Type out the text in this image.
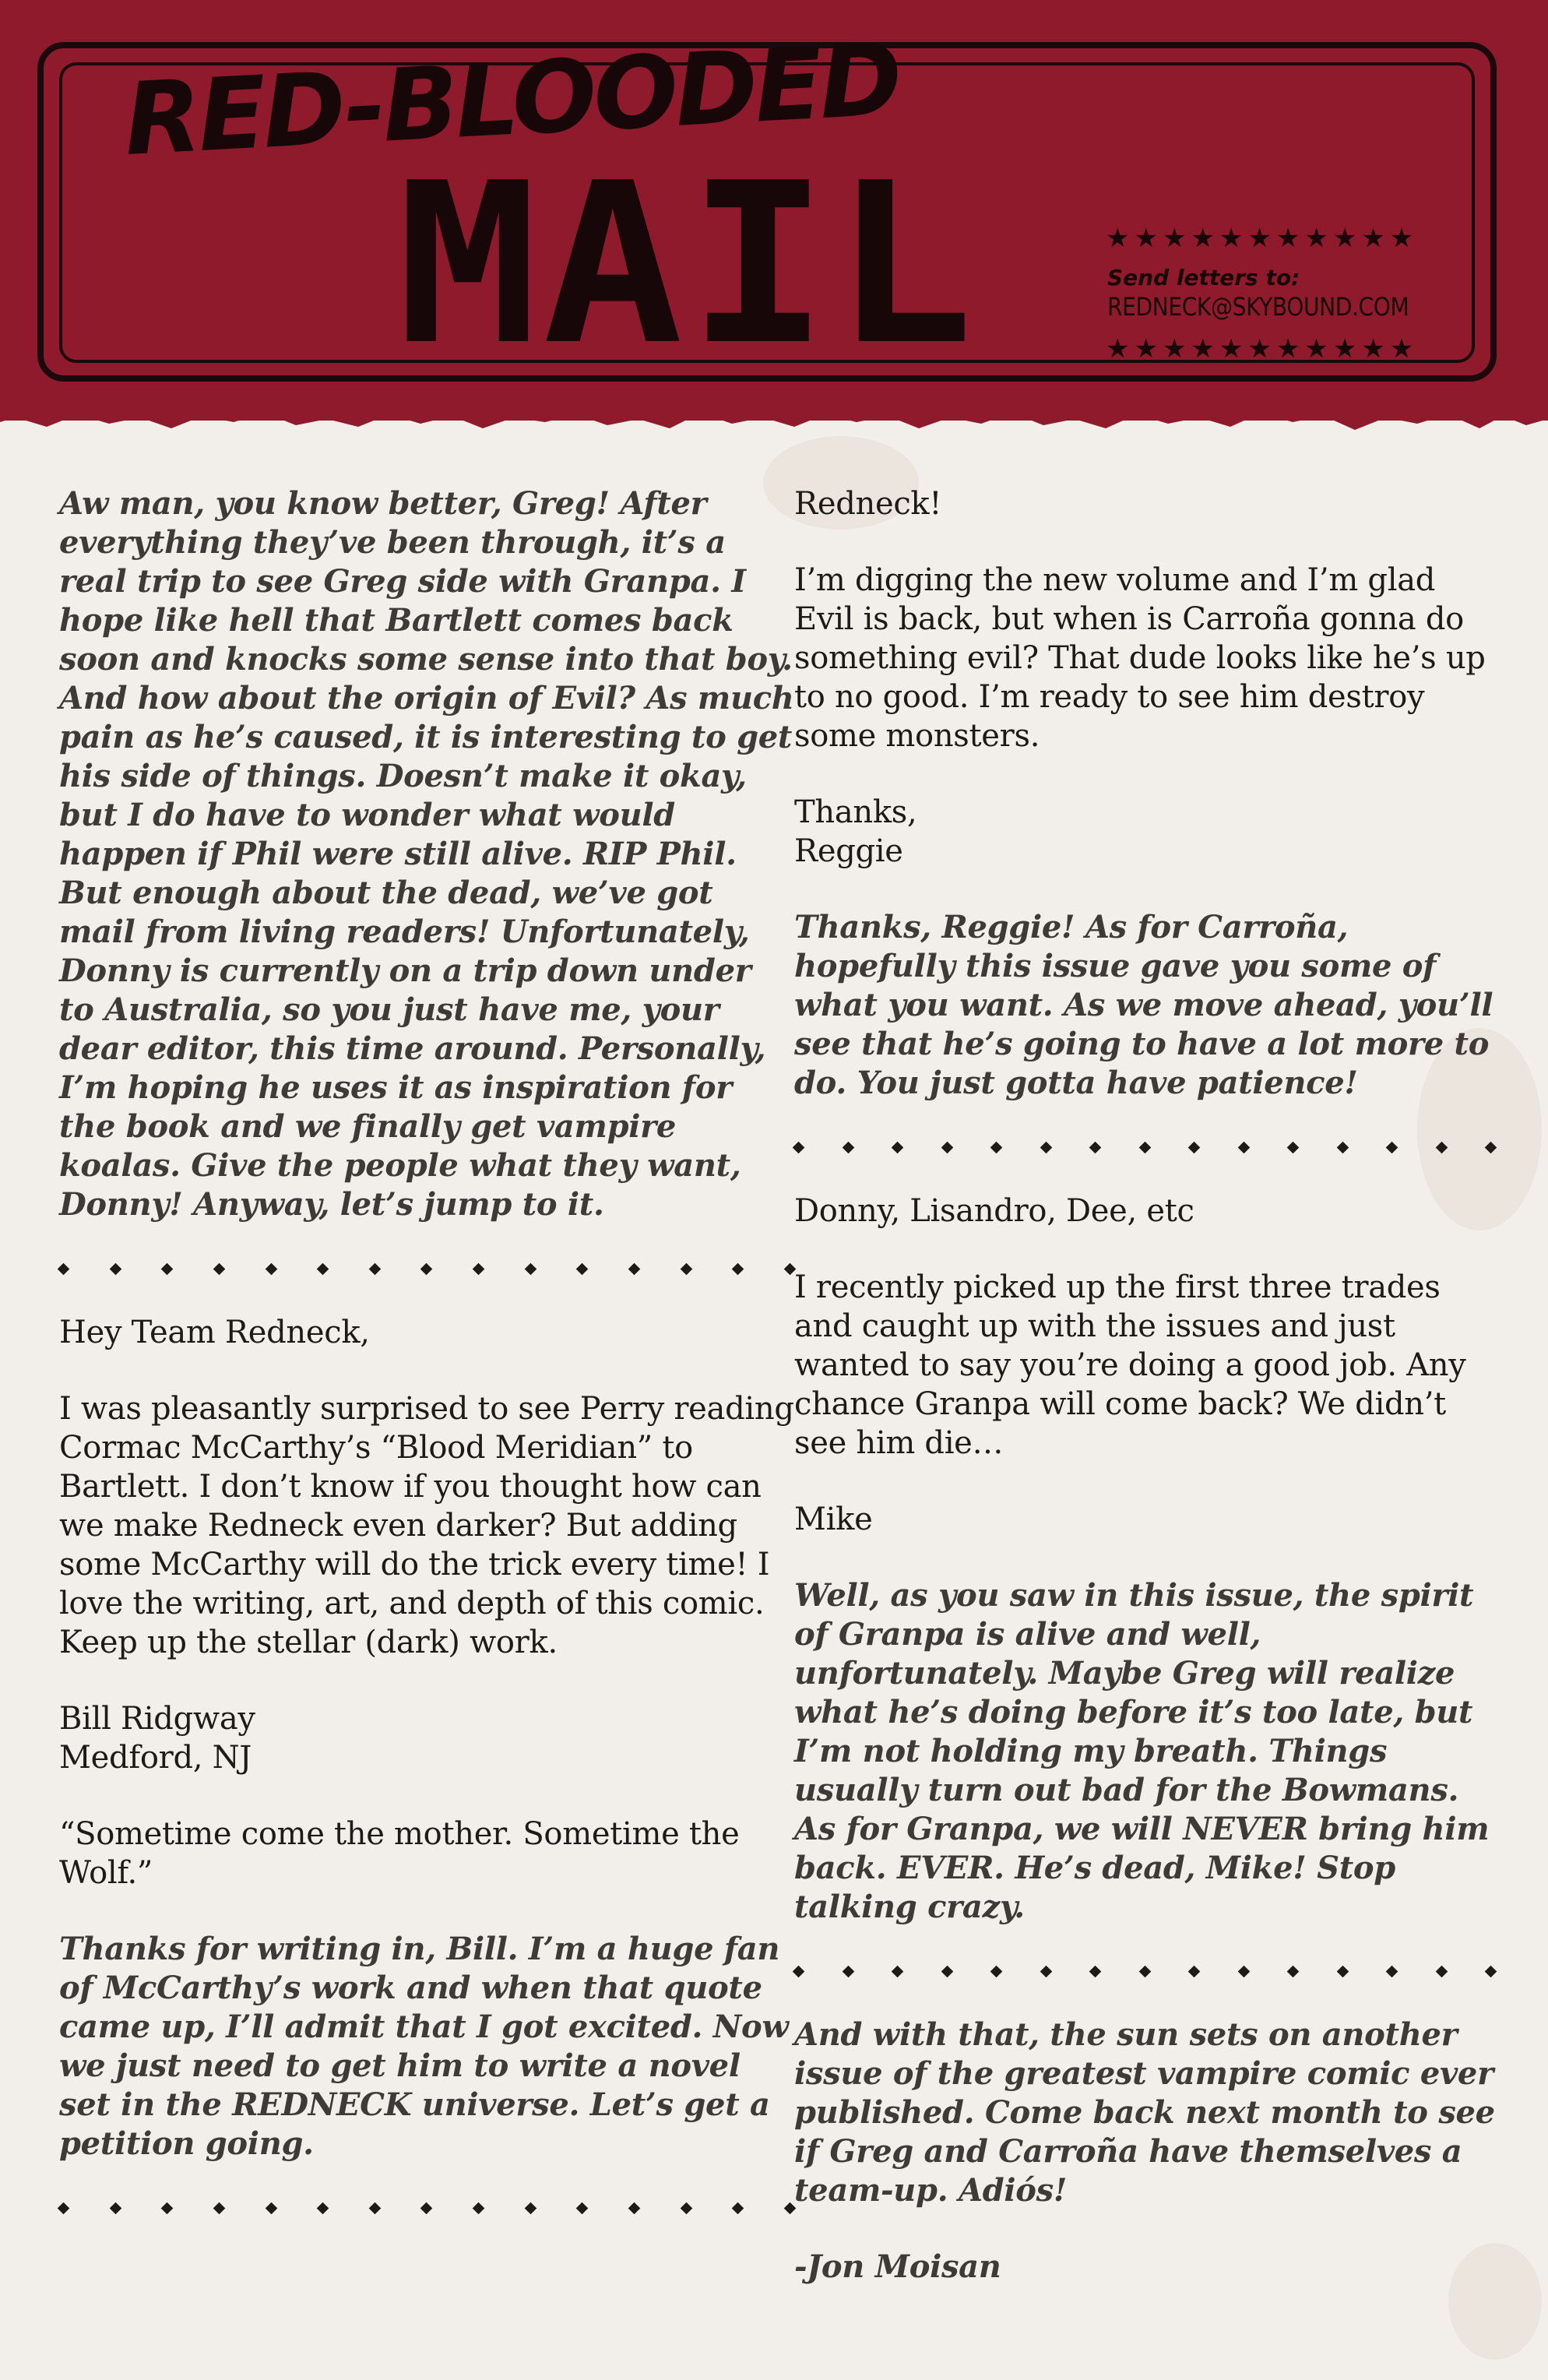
RED-BLOODED
MAIL	★★★★★★★★★★★
Send letters to:
REDNECK@SKYBOUND.COM
★★★★★★★★★★★

Aw man, you know better, Greg! After everything they’ve been through, it’s a real trip to see Greg side with Granpa. I hope like hell that Bartlett comes back soon and knocks some sense into that boy. And how about the origin of Evil? As much pain as he’s caused, it is interesting to get his side of things. Doesn’t make it okay, but I do have to wonder what would happen if Phil were still alive. RIP Phil. But enough about the dead, we’ve got mail from living readers! Unfortunately, Donny is currently on a trip down under to Australia, so you just have me, your dear editor, this time around. Personally, I’m hoping he uses it as inspiration for the book and we finally get vampire koalas. Give the people what they want, Donny! Anyway, let’s jump to it.

Hey Team Redneck,

I was pleasantly surprised to see Perry reading Cormac McCarthy’s “Blood Meridian” to Bartlett. I don’t know if you thought how can we make Redneck even darker? But adding some McCarthy will do the trick every time! I love the writing, art, and depth of this comic. Keep up the stellar (dark) work.

Bill Ridgway

Medford, NJ

“Sometime come the mother. Sometime the Wolf.”

Thanks for writing in, Bill. I’m a huge fan of McCarthy’s work and when that quote came up, I’ll admit that I got excited. Now we just need to get him to write a novel set in the REDNECK universe. Let’s get a petition going.

Redneck!

I’m digging the new volume and I’m glad Evil is back, but when is Carroña gonna do something evil? That dude looks like he’s up to no good. I’m ready to see him destroy some monsters.

Thanks,

Reggie

Thanks, Reggie! As for Carroña, hopefully this issue gave you some of what you want. As we move ahead, you’ll see that he’s going to have a lot more to do. You just gotta have patience!

Donny, Lisandro, Dee, etc

I recently picked up the first three trades and caught up with the issues and just wanted to say you’re doing a good job. Any chance Granpa will come back? We didn’t see him die…

Mike

Well, as you saw in this issue, the spirit of Granpa is alive and well, unfortunately. Maybe Greg will realize what he’s doing before it’s too late, but I’m not holding my breath. Things usually turn out bad for the Bowmans. As for Granpa, we will NEVER bring him back. EVER. He’s dead, Mike! Stop talking crazy.

And with that, the sun sets on another issue of the greatest vampire comic ever published. Come back next month to see if Greg and Carroña have themselves a team-up. Adiós!

-Jon Moisan
